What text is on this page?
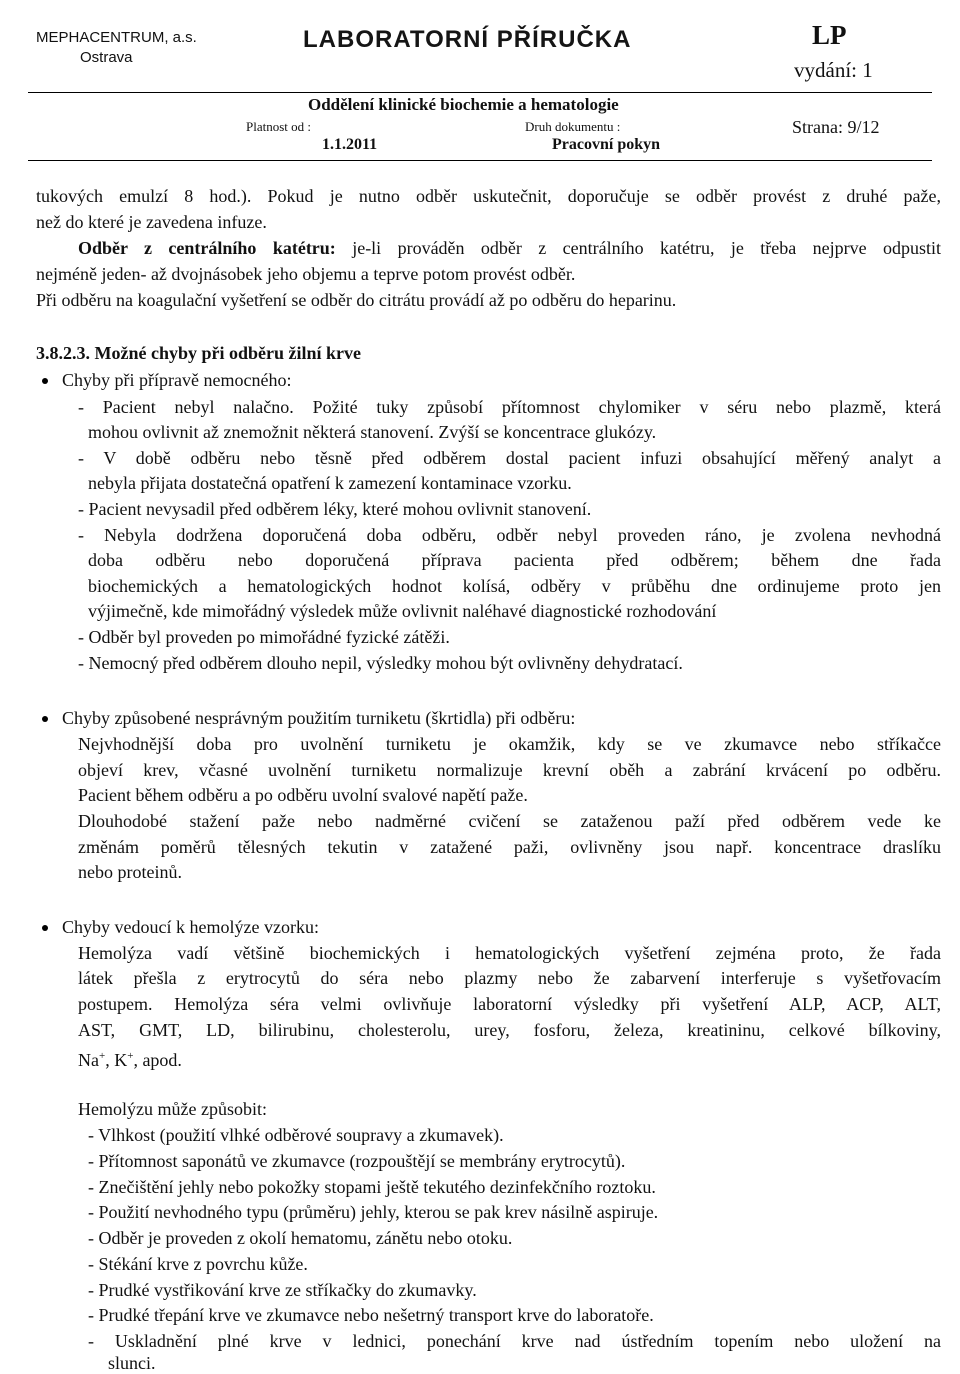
MEPHACENTRUM, a.s.
Ostrava
LABORATORNÍ PŘÍRUČKA	LP
vydání: 1
Oddělení klinické biochemie a hematologie
Platnost od :
1.1.2011
Druh dokumentu :
Pracovní pokyn
Strana: 9/12
tukových emulzí 8 hod.). Pokud je nutno odběr uskutečnit, doporučuje se odběr provést z druhé paže,
než do které je zavedena infuze.
Odběr z centrálního katétru: je-li prováděn odběr z centrálního katétru, je třeba nejprve odpustit
nejméně jeden- až dvojnásobek jeho objemu a teprve potom provést odběr.
Při odběru na koagulační vyšetření se odběr do citrátu provádí až po odběru do heparinu.
3.8.2.3. Možné chyby při odběru žilní krve
Chyby při přípravě nemocného:
- Pacient nebyl nalačno. Požité tuky způsobí přítomnost chylomiker v séru nebo plazmě, která
mohou ovlivnit až znemožnit některá stanovení. Zvýší se koncentrace glukózy.
- V době odběru nebo těsně před odběrem dostal pacient infuzi obsahující měřený analyt a
nebyla přijata dostatečná opatření k zamezení kontaminace vzorku.
- Pacient nevysadil před odběrem léky, které mohou ovlivnit stanovení.
- Nebyla dodržena doporučená doba odběru, odběr nebyl proveden ráno, je zvolena nevhodná
doba odběru nebo doporučená příprava pacienta před odběrem; během dne řada
biochemických a hematologických hodnot kolísá, odběry v průběhu dne ordinujeme proto jen
výjimečně, kde mimořádný výsledek může ovlivnit naléhavé diagnostické rozhodování
- Odběr byl proveden po mimořádné fyzické zátěži.
- Nemocný před odběrem dlouho nepil, výsledky mohou být ovlivněny dehydratací.
Chyby způsobené nesprávným použitím turniketu (škrtidla) při odběru:
Nejvhodnější doba pro uvolnění turniketu je okamžik, kdy se ve zkumavce nebo stříkačce
objeví krev, včasné uvolnění turniketu normalizuje krevní oběh a zabrání krvácení po odběru.
Pacient během odběru a po odběru uvolní svalové napětí paže.
Dlouhodobé stažení paže nebo nadměrné cvičení se zataženou paží před odběrem vede ke
změnám poměrů tělesných tekutin v zatažené paži, ovlivněny jsou např. koncentrace draslíku
nebo proteinů.
Chyby vedoucí k hemolýze vzorku:
Hemolýza vadí většině biochemických i hematologických vyšetření zejména proto, že řada
látek přešla z erytrocytů do séra nebo plazmy nebo že zabarvení interferuje s vyšetřovacím
postupem. Hemolýza séra velmi ovlivňuje laboratorní výsledky při vyšetření ALP, ACP, ALT,
AST, GMT, LD, bilirubinu, cholesterolu, urey, fosforu, železa, kreatininu, celkové bílkoviny,
Na+, K+, apod.
Hemolýzu může způsobit:
- Vlhkost (použití vlhké odběrové soupravy a zkumavek).
- Přítomnost saponátů ve zkumavce (rozpouštějí se membrány erytrocytů).
- Znečištění jehly nebo pokožky stopami ještě tekutého dezinfekčního roztoku.
- Použití nevhodného typu (průměru) jehly, kterou se pak krev násilně aspiruje.
- Odběr je proveden z okolí hematomu, zánětu nebo otoku.
- Stékání krve z povrchu kůže.
- Prudké vystřikování krve ze stříkačky do zkumavky.
- Prudké třepání krve ve zkumavce nebo nešetrný transport krve do laboratoře.
- Uskladnění plné krve v lednici, ponechání krve nad ústředním topením nebo uložení na
slunci.
